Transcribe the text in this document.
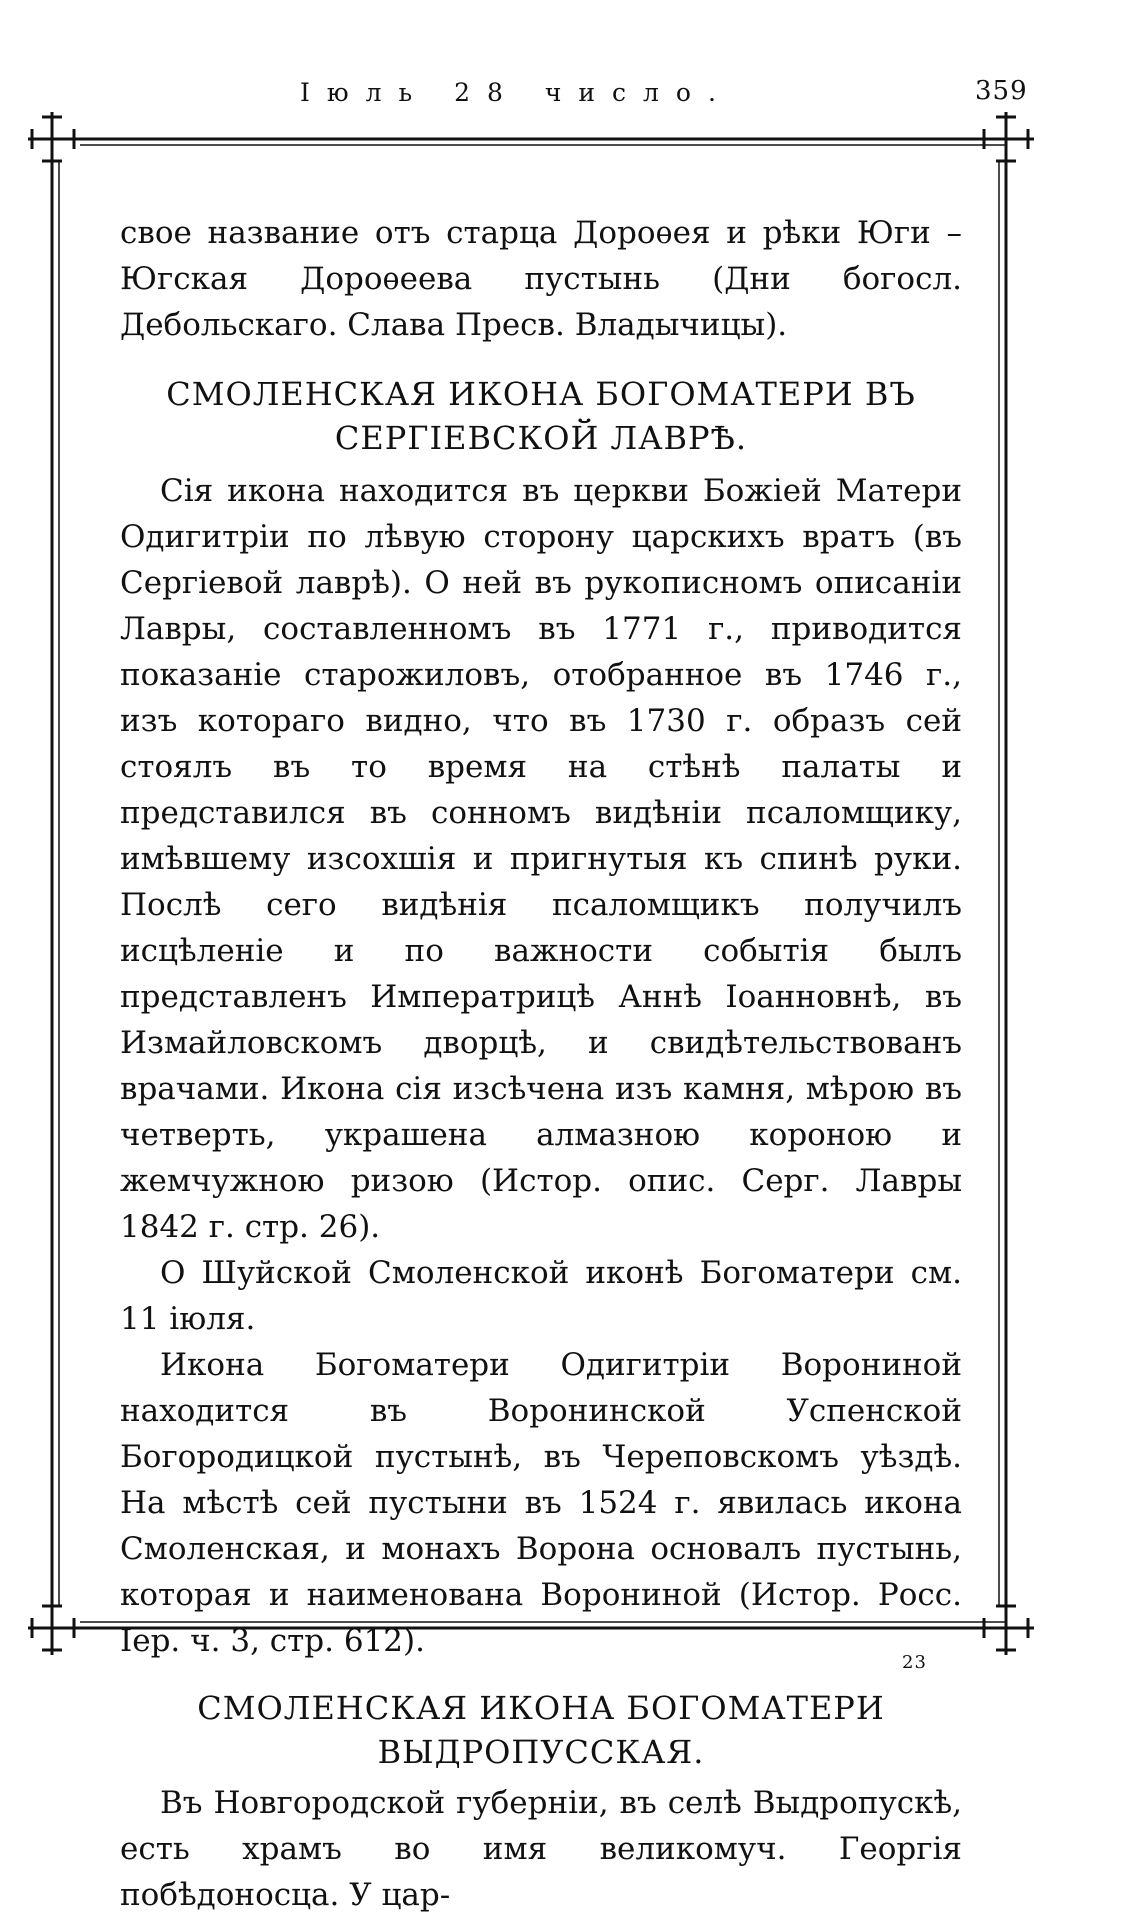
Іюль 28 число.	359

свое название отъ старца Дороѳея и рѣки Юги – Югская Дороѳеева пустынь (Дни богосл. Дебольскаго. Слава Пресв. Владычицы).

СМОЛЕНСКАЯ ИКОНА БОГОМАТЕРИ ВЪ СЕРГІЕВСКОЙ ЛАВРѢ.

Сія икона находится въ церкви Божіей Матери Одигитріи по лѣвую сторону царскихъ вратъ (въ Сергіевой лаврѣ). О ней въ рукописномъ описаніи Лавры, составленномъ въ 1771 г., приводится показаніе старожиловъ, отобранное въ 1746 г., изъ котораго видно, что въ 1730 г. образъ сей стоялъ въ то время на стѣнѣ палаты и представился въ сонномъ видѣніи псаломщику, имѣвшему изсохшія и пригнутыя къ спинѣ руки. Послѣ сего видѣнія псаломщикъ получилъ исцѣленіе и по важности событія былъ представленъ Императрицѣ Аннѣ Іоанновнѣ, въ Измайловскомъ дворцѣ, и свидѣтельствованъ врачами. Икона сія изсѣчена изъ камня, мѣрою въ четверть, украшена алмазною короною и жемчужною ризою (Истор. опис. Серг. Лавры 1842 г. стр. 26).

О Шуйской Смоленской иконѣ Богоматери см. 11 іюля.

Икона Богоматери Одигитріи Ворониной находится въ Воронинской Успенской Богородицкой пустынѣ, въ Череповскомъ уѣздѣ. На мѣстѣ сей пустыни въ 1524 г. явилась икона Смоленская, и монахъ Ворона основалъ пустынь, которая и наименована Ворониной (Истор. Росс. Іер. ч. 3, стр. 612).

СМОЛЕНСКАЯ ИКОНА БОГОМАТЕРИ ВЫДРОПУССКАЯ.

Въ Новгородской губерніи, въ селѣ Выдропускѣ, есть храмъ во имя великомуч. Георгія побѣдоносца. У цар-

23
